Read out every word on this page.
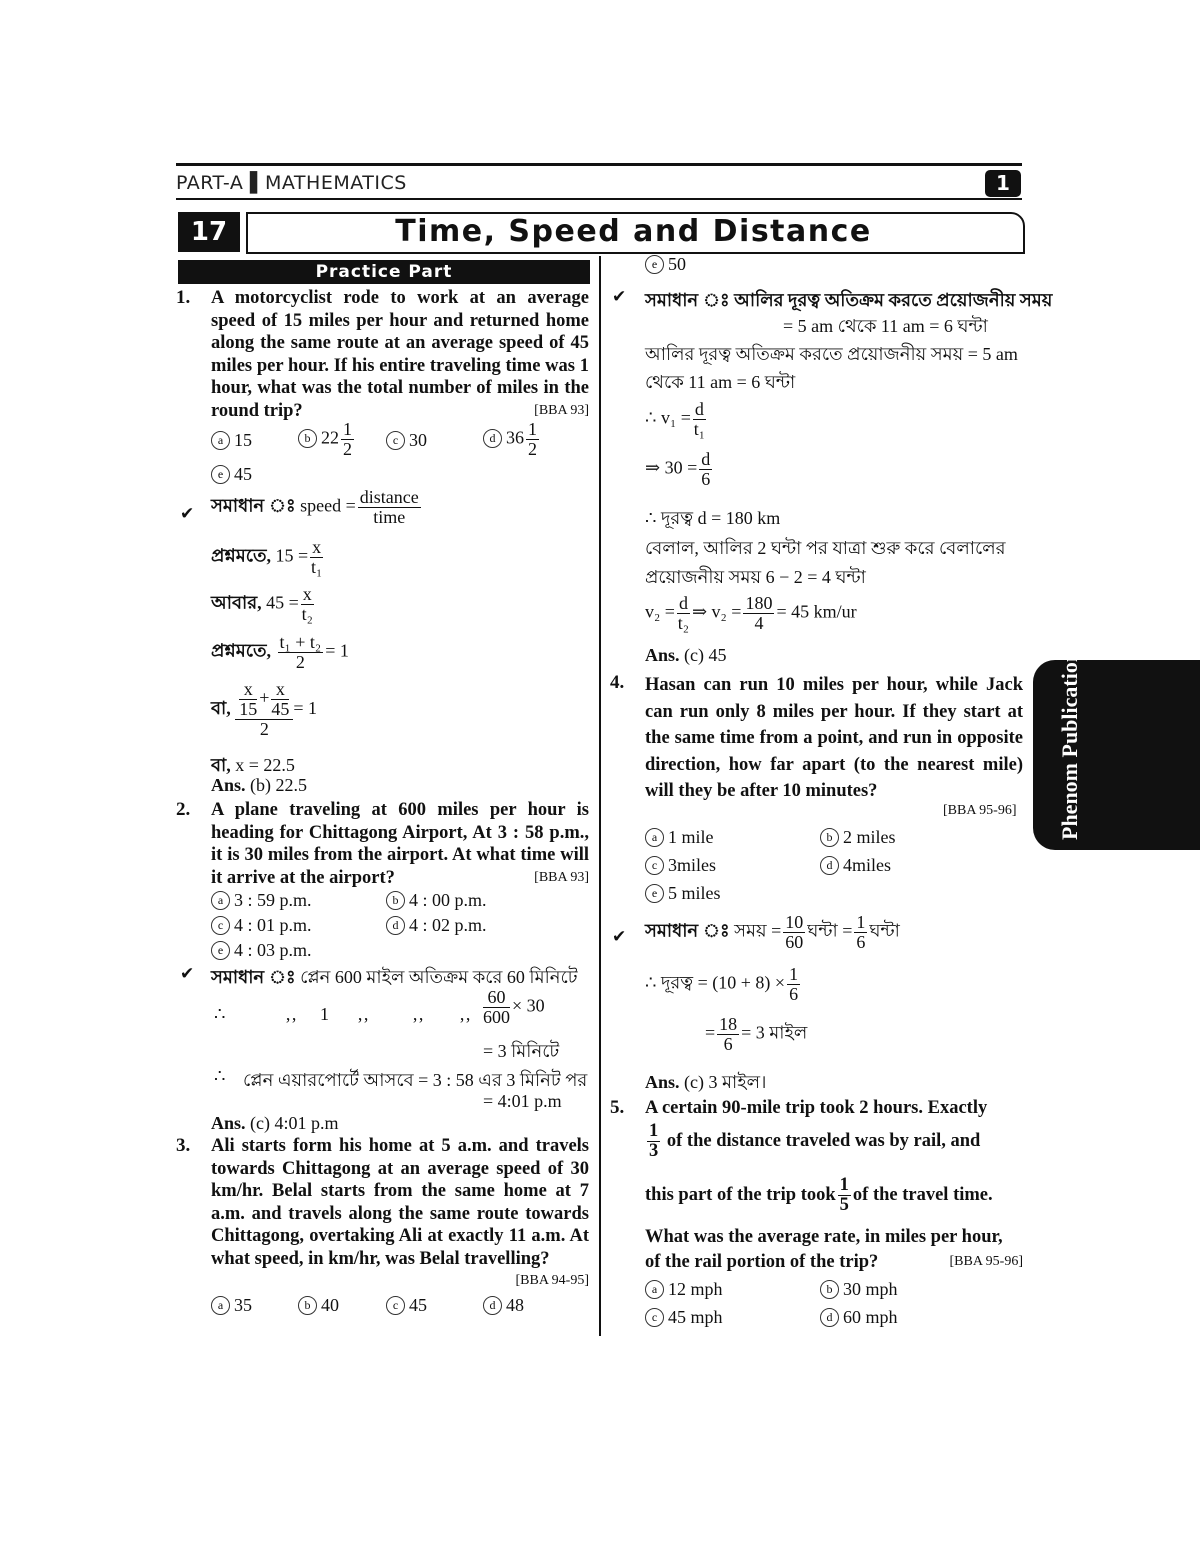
PART-A ▌MATHEMATICS	1
17	Time, Speed and Distance
Practice Part
Phenom Publications
1. A motorcyclist rode to work at an average speed of 15 miles per hour and returned home along the same route at an average speed of 45 miles per hour. If his entire traveling time was 1 hour, what was the total number of miles in the round trip?	[BBA 93]
a 15	b $22 \frac{1}{2}$	c 30	d $36 \frac{1}{2}$
e 45
✔ সমাধান ঃ speed = $\frac{\text{distance}}{\text{time}}$
প্রশ্নমতে, $15 = \frac{x}{\text{t₁}}$
আবার, $45 = \frac{x}{\text{t₂}}$
প্রশ্নমতে, $\frac{\text{t₁ + t₂}}{2} = 1$
বা, $\frac{\frac{x}{15} + \frac{x}{45}}{2} = 1$
বা, x = 22.5
Ans. (b) 22.5
2. A plane traveling at 600 miles per hour is heading for Chittagong Airport, At 3 : 58 p.m., it is 30 miles from the airport. At what time will it arrive at the airport?	[BBA 93]
a 3 : 59 p.m.	b 4 : 00 p.m.
c 4 : 01 p.m.	d 4 : 02 p.m.
e 4 : 03 p.m.
✔ সমাধান ঃ প্লেন 600 মাইল অতিক্রম করে 60 মিনিটে
∴	‚‚ 1 ‚‚ ‚‚ ‚‚ $\frac{60}{600} \times 30$
= 3 মিনিটে
∴ প্লেন এয়ারপোর্টে আসবে = 3 : 58 এর 3 মিনিট পর
= 4:01 p.m
Ans. (c) 4:01 p.m
3. Ali starts form his home at 5 a.m. and travels towards Chittagong at an average speed of 30 km/hr. Belal starts from the same home at 7 a.m. and travels along the same route towards Chittagong, overtaking Ali at exactly 11 a.m. At what speed, in km/hr, was Belal travelling?
[BBA 94-95]
a 35	b 40	c 45	d 48
e 50
✔ সমাধান ঃ আলির দূরত্ব অতিক্রম করতে প্রয়োজনীয় সময়
= 5 am থেকে 11 am = 6 ঘন্টা
আলির দূরত্ব অতিক্রম করতে প্রয়োজনীয় সময় = 5 am
থেকে 11 am = 6 ঘন্টা
∴ $v_1 = \frac{d}{\text{t₁}}$
⇒ $30 = \frac{d}{6}$
∴ দূরত্ব d = 180 km
বেলাল, আলির 2 ঘন্টা পর যাত্রা শুরু করে বেলালের
প্রয়োজনীয় সময় 6 − 2 = 4 ঘন্টা
$v_2 = \frac{d}{\text{t₂}}$ ⇒ $v_2 = \frac{180}{4} = 45$ km/ur
Ans. (c) 45
4. Hasan can run 10 miles per hour, while Jack can run only 8 miles per hour. If they start at the same time from a point, and run in opposite direction, how far apart (to the nearest mile) will they be after 10 minutes?
[BBA 95-96]
a 1 mile	b 2 miles
c 3miles	d 4miles
e 5 miles
✔ সমাধান ঃ সময় = $\frac{10}{60}$ ঘন্টা = $\frac{1}{6}$ ঘন্টা
∴ দূরত্ব = $(10 + 8) \times \frac{1}{6}$
= $\frac{18}{6} = 3$ মাইল
Ans. (c) 3 মাইল।
5. A certain 90-mile trip took 2 hours. Exactly
$\frac{1}{3}$ of the distance traveled was by rail, and
this part of the trip took $\frac{1}{5}$ of the travel time.
What was the average rate, in miles per hour,
of the rail portion of the trip?	[BBA 95-96]
a 12 mph	b 30 mph
c 45 mph	d 60 mph
